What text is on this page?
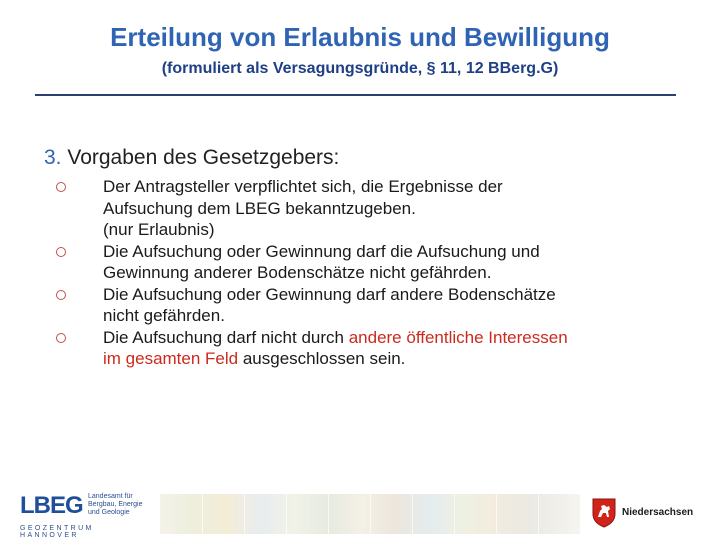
Erteilung von Erlaubnis und Bewilligung
(formuliert als Versagungsgründe, § 11, 12 BBerg.G)
3. Vorgaben des Gesetzgebers:
Der Antragsteller verpflichtet sich, die Ergebnisse der
Aufsuchung dem LBEG bekanntzugeben.
(nur Erlaubnis)
Die Aufsuchung oder Gewinnung darf die Aufsuchung und
Gewinnung anderer Bodenschätze nicht gefährden.
Die Aufsuchung oder Gewinnung darf andere Bodenschätze
nicht gefährden.
Die Aufsuchung darf nicht durch andere öffentliche Interessen
im gesamten Feld ausgeschlossen sein.
LBEG Landesamt für
Bergbau, Energie
und Geologie
GEOZENTRUM HANNOVER
Niedersachsen
